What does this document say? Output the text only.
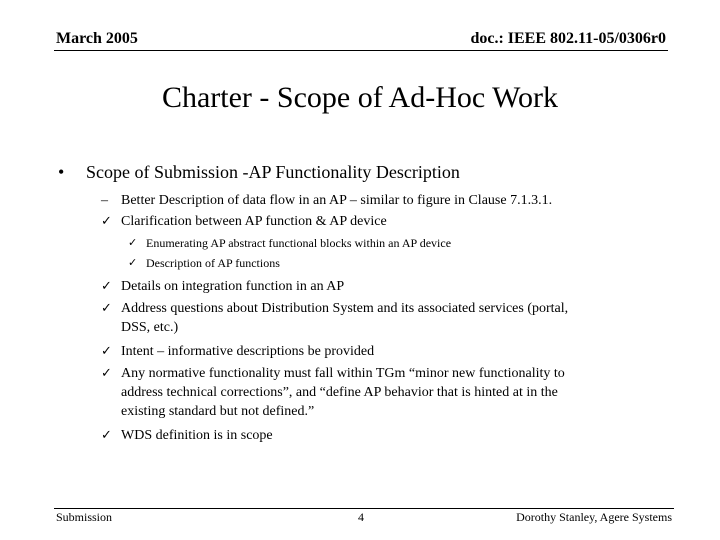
March 2005	doc.: IEEE 802.11-05/0306r0
Charter - Scope of Ad-Hoc Work
• Scope of Submission -AP Functionality Description
– Better Description of data flow in an AP – similar to figure in Clause 7.1.3.1.
✓ Clarification between AP function & AP device
✓ Enumerating AP abstract functional blocks within an AP device
✓ Description of AP functions
✓ Details on integration function in an AP
✓ Address questions about Distribution System and its associated services (portal,
DSS, etc.)
✓ Intent – informative descriptions be provided
✓ Any normative functionality must fall within TGm “minor new functionality to
address technical corrections”, and “define AP behavior that is hinted at in the
existing standard but not defined.”
✓ WDS definition is in scope
Submission	4	Dorothy Stanley, Agere Systems
